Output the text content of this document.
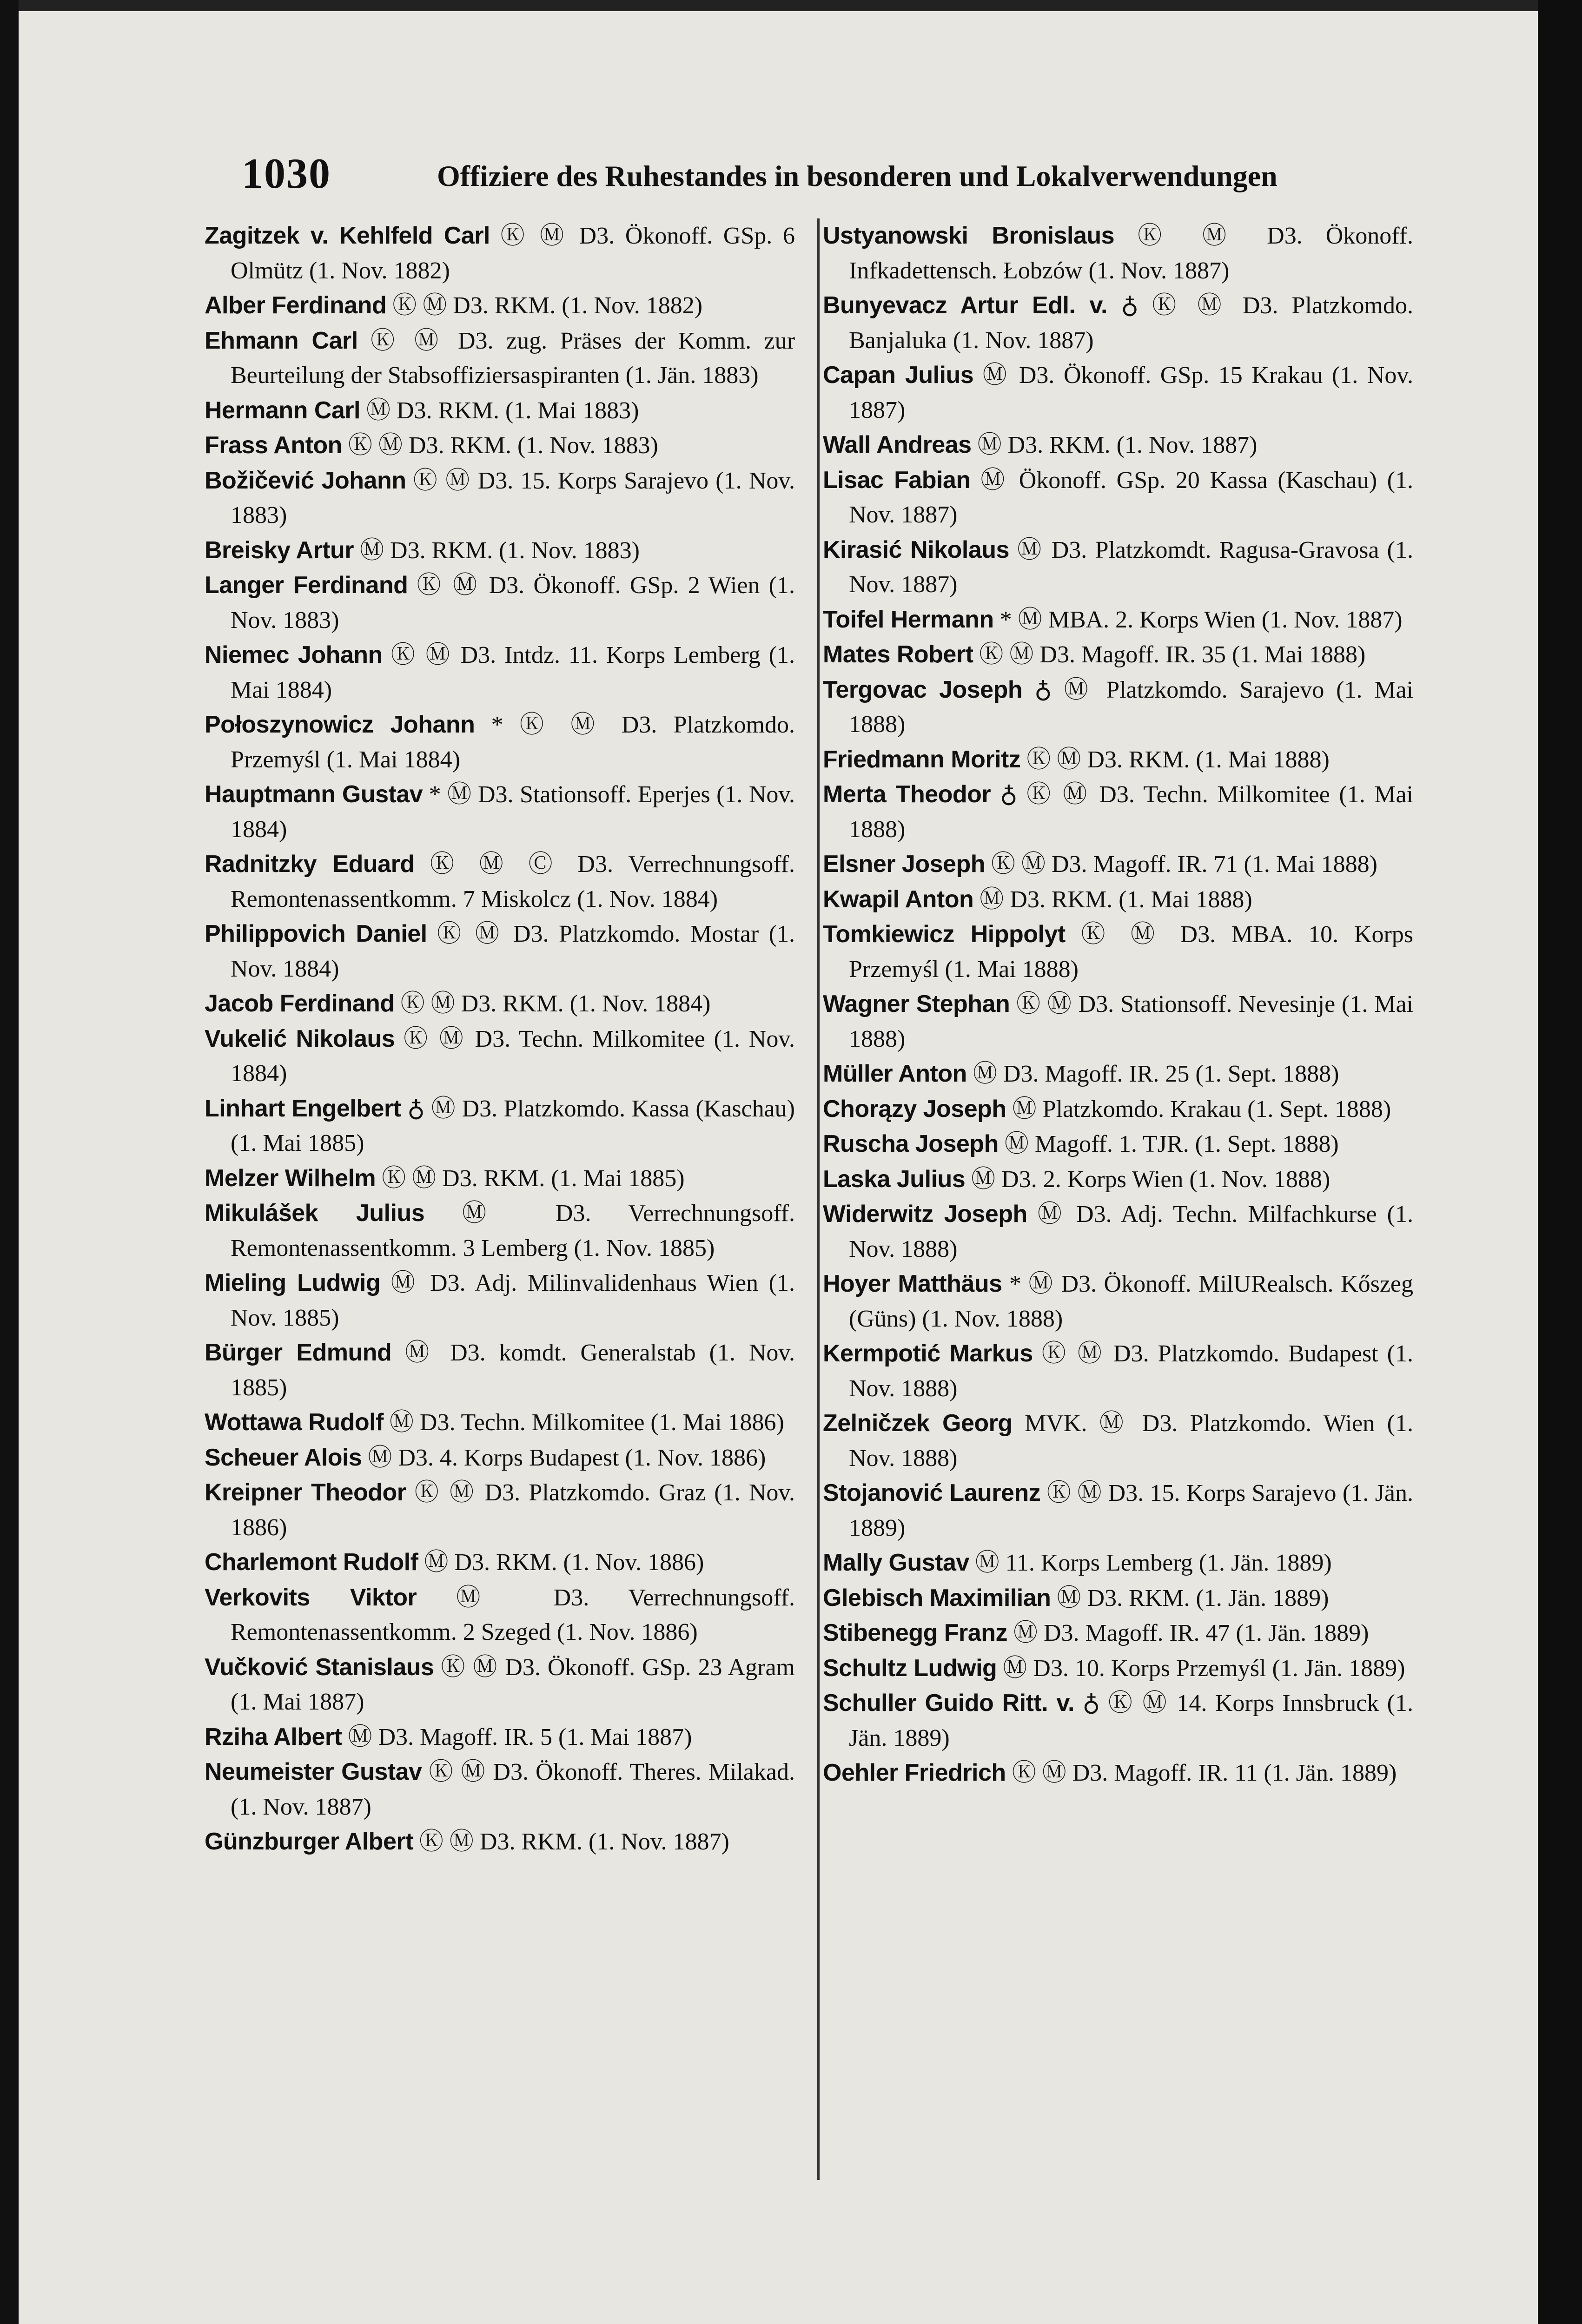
1030	Offiziere des Ruhestandes in besonderen und Lokalverwendungen
Zagitzek v. Kehlfeld Carl Ⓚ Ⓜ D3. Ökonoff. GSp. 6 Olmütz (1. Nov. 1882)
Alber Ferdinand Ⓚ Ⓜ D3. RKM. (1. Nov. 1882)
Ehmann Carl Ⓚ Ⓜ D3. zug. Präses der Komm. zur Beurteilung der Stabsoffiziersaspiranten (1. Jän. 1883)
Hermann Carl Ⓜ D3. RKM. (1. Mai 1883)
Frass Anton Ⓚ Ⓜ D3. RKM. (1. Nov. 1883)
Božičević Johann Ⓚ Ⓜ D3. 15. Korps Sarajevo (1. Nov. 1883)
Breisky Artur Ⓜ D3. RKM. (1. Nov. 1883)
Langer Ferdinand Ⓚ Ⓜ D3. Ökonoff. GSp. 2 Wien (1. Nov. 1883)
Niemec Johann Ⓚ Ⓜ D3. Intdz. 11. Korps Lemberg (1. Mai 1884)
Połoszynowicz Johann * Ⓚ Ⓜ D3. Platzkomdo. Przemyśl (1. Mai 1884)
Hauptmann Gustav * Ⓜ D3. Stationsoff. Eperjes (1. Nov. 1884)
Radnitzky Eduard Ⓚ Ⓜ Ⓒ D3. Verrechnungsoff. Remontenassentkomm. 7 Miskolcz (1. Nov. 1884)
Philippovich Daniel Ⓚ Ⓜ D3. Platzkomdo. Mostar (1. Nov. 1884)
Jacob Ferdinand Ⓚ Ⓜ D3. RKM. (1. Nov. 1884)
Vukelić Nikolaus Ⓚ Ⓜ D3. Techn. Milkomitee (1. Nov. 1884)
Linhart Engelbert ♁ Ⓜ D3. Platzkomdo. Kassa (Kaschau) (1. Mai 1885)
Melzer Wilhelm Ⓚ Ⓜ D3. RKM. (1. Mai 1885)
Mikulášek Julius Ⓜ D3. Verrechnungsoff. Remontenassentkomm. 3 Lemberg (1. Nov. 1885)
Mieling Ludwig Ⓜ D3. Adj. Milinvalidenhaus Wien (1. Nov. 1885)
Bürger Edmund Ⓜ D3. komdt. Generalstab (1. Nov. 1885)
Wottawa Rudolf Ⓜ D3. Techn. Milkomitee (1. Mai 1886)
Scheuer Alois Ⓜ D3. 4. Korps Budapest (1. Nov. 1886)
Kreipner Theodor Ⓚ Ⓜ D3. Platzkomdo. Graz (1. Nov. 1886)
Charlemont Rudolf Ⓜ D3. RKM. (1. Nov. 1886)
Verkovits Viktor Ⓜ D3. Verrechnungsoff. Remontenassentkomm. 2 Szeged (1. Nov. 1886)
Vučković Stanislaus Ⓚ Ⓜ D3. Ökonoff. GSp. 23 Agram (1. Mai 1887)
Rziha Albert Ⓜ D3. Magoff. IR. 5 (1. Mai 1887)
Neumeister Gustav Ⓚ Ⓜ D3. Ökonoff. Theres. Milakad. (1. Nov. 1887)
Günzburger Albert Ⓚ Ⓜ D3. RKM. (1. Nov. 1887)
Ustyanowski Bronislaus Ⓚ Ⓜ D3. Ökonoff. Infkadettensch. Łobzów (1. Nov. 1887)
Bunyevacz Artur Edl. v. ♁ Ⓚ Ⓜ D3. Platzkomdo. Banjaluka (1. Nov. 1887)
Capan Julius Ⓜ D3. Ökonoff. GSp. 15 Krakau (1. Nov. 1887)
Wall Andreas Ⓜ D3. RKM. (1. Nov. 1887)
Lisac Fabian Ⓜ Ökonoff. GSp. 20 Kassa (Kaschau) (1. Nov. 1887)
Kirasić Nikolaus Ⓜ D3. Platzkomdt. Ragusa-Gravosa (1. Nov. 1887)
Toifel Hermann * Ⓜ MBA. 2. Korps Wien (1. Nov. 1887)
Mates Robert Ⓚ Ⓜ D3. Magoff. IR. 35 (1. Mai 1888)
Tergovac Joseph ♁ Ⓜ Platzkomdo. Sarajevo (1. Mai 1888)
Friedmann Moritz Ⓚ Ⓜ D3. RKM. (1. Mai 1888)
Merta Theodor ♁ Ⓚ Ⓜ D3. Techn. Milkomitee (1. Mai 1888)
Elsner Joseph Ⓚ Ⓜ D3. Magoff. IR. 71 (1. Mai 1888)
Kwapil Anton Ⓜ D3. RKM. (1. Mai 1888)
Tomkiewicz Hippolyt Ⓚ Ⓜ D3. MBA. 10. Korps Przemyśl (1. Mai 1888)
Wagner Stephan Ⓚ Ⓜ D3. Stationsoff. Nevesinje (1. Mai 1888)
Müller Anton Ⓜ D3. Magoff. IR. 25 (1. Sept. 1888)
Chorązy Joseph Ⓜ Platzkomdo. Krakau (1. Sept. 1888)
Ruscha Joseph Ⓜ Magoff. 1. TJR. (1. Sept. 1888)
Laska Julius Ⓜ D3. 2. Korps Wien (1. Nov. 1888)
Widerwitz Joseph Ⓜ D3. Adj. Techn. Milfachkurse (1. Nov. 1888)
Hoyer Matthäus * Ⓜ D3. Ökonoff. MilURealsch. Kőszeg (Güns) (1. Nov. 1888)
Kermpotić Markus Ⓚ Ⓜ D3. Platzkomdo. Budapest (1. Nov. 1888)
Zelničzek Georg MVK. Ⓜ D3. Platzkomdo. Wien (1. Nov. 1888)
Stojanović Laurenz Ⓚ Ⓜ D3. 15. Korps Sarajevo (1. Jän. 1889)
Mally Gustav Ⓜ 11. Korps Lemberg (1. Jän. 1889)
Glebisch Maximilian Ⓜ D3. RKM. (1. Jän. 1889)
Stibenegg Franz Ⓜ D3. Magoff. IR. 47 (1. Jän. 1889)
Schultz Ludwig Ⓜ D3. 10. Korps Przemyśl (1. Jän. 1889)
Schuller Guido Ritt. v. ♁ Ⓚ Ⓜ 14. Korps Innsbruck (1. Jän. 1889)
Oehler Friedrich Ⓚ Ⓜ D3. Magoff. IR. 11 (1. Jän. 1889)
